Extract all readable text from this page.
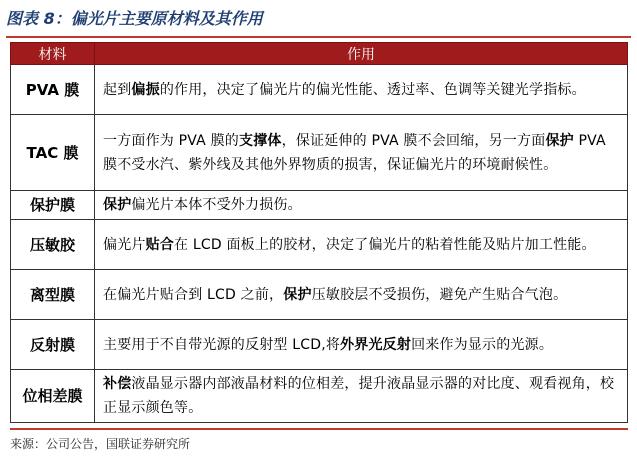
图表 8：偏光片主要原材料及其作用
材料	作用
PVA 膜	起到偏振的作用，决定了偏光片的偏光性能、透过率、色调等关键光学指标。
TAC 膜	一方面作为 PVA 膜的支撑体，保证延伸的 PVA 膜不会回缩，另一方面保护 PVA 膜不受水汽、紫外线及其他外界物质的损害，保证偏光片的环境耐候性。
保护膜	保护偏光片本体不受外力损伤。
压敏胶	偏光片贴合在 LCD 面板上的胶材，决定了偏光片的粘着性能及贴片加工性能。
离型膜	在偏光片贴合到 LCD 之前，保护压敏胶层不受损伤，避免产生贴合气泡。
反射膜	主要用于不自带光源的反射型 LCD,将外界光反射回来作为显示的光源。
位相差膜	补偿液晶显示器内部液晶材料的位相差，提升液晶显示器的对比度、观看视角，校正显示颜色等。
来源：公司公告，国联证券研究所
